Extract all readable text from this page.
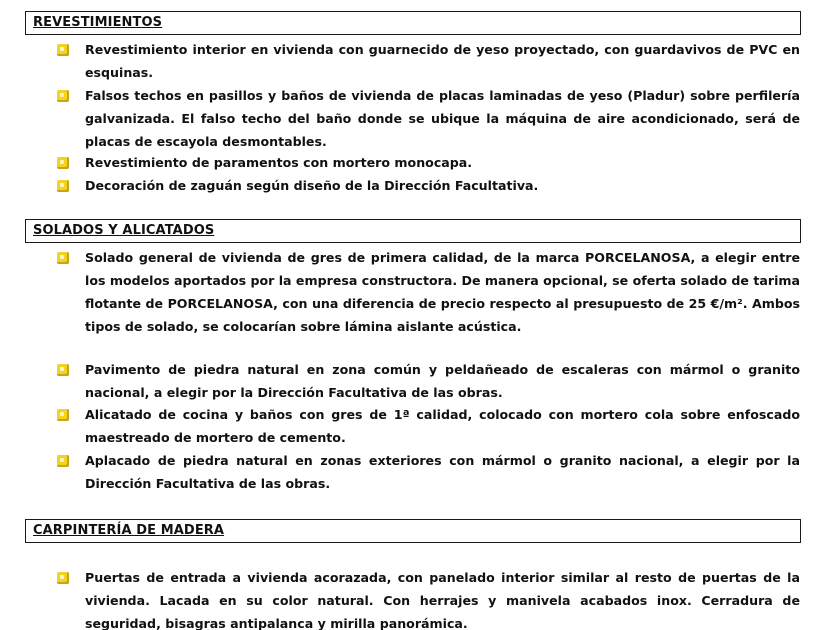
REVESTIMIENTOS
Revestimiento interior en vivienda con guarnecido de yeso proyectado, con guardavivos de PVC en esquinas.
Falsos techos en pasillos y baños de vivienda de placas laminadas de yeso (Pladur) sobre perfilería galvanizada. El falso techo del baño donde se ubique la máquina de aire acondicionado, será de placas de escayola desmontables.
Revestimiento de paramentos con mortero monocapa.
Decoración de zaguán según diseño de la Dirección Facultativa.
SOLADOS Y ALICATADOS
Solado general de vivienda de gres de primera calidad, de la marca PORCELANOSA, a elegir entre los modelos aportados por la empresa constructora. De manera opcional, se oferta solado de tarima flotante de PORCELANOSA, con una diferencia de precio respecto al presupuesto de 25 €/m². Ambos tipos de solado, se colocarían sobre lámina aislante acústica.
Pavimento de piedra natural en zona común y peldañeado de escaleras con mármol o granito nacional, a elegir por la Dirección Facultativa de las obras.
Alicatado de cocina y baños con gres de 1ª calidad, colocado con mortero cola sobre enfoscado maestreado de mortero de cemento.
Aplacado de piedra natural en zonas exteriores con mármol o granito nacional, a elegir por la Dirección Facultativa de las obras.
CARPINTERÍA DE MADERA
Puertas de entrada a vivienda acorazada, con panelado interior similar al resto de puertas de la vivienda. Lacada en su color natural. Con herrajes y manivela acabados inox. Cerradura de seguridad, bisagras antipalanca y mirilla panorámica.
